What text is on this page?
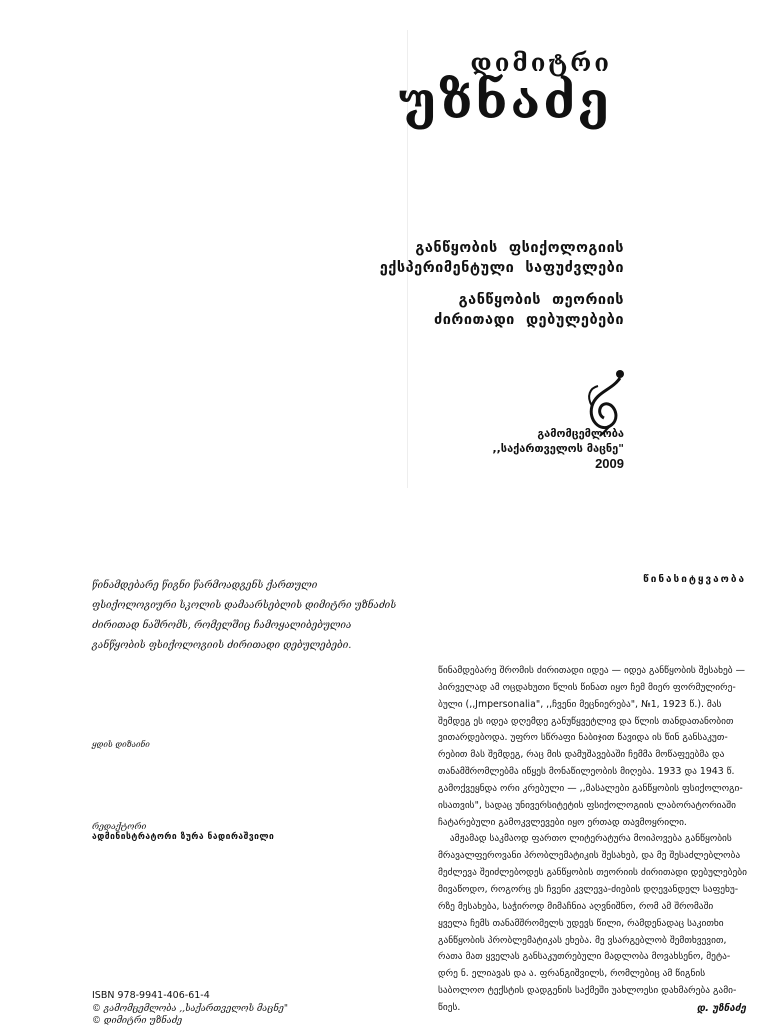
დიმიტრი
უზნაძე
განწყობის  ფსიქოლოგიის
ექსპერიმენტული  საფუძვლები
განწყობის  თეორიის
ძირითადი  დებულებები
გამომცემლობა
,,საქართველოს მაცნე"
2009
წინამდებარე წიგნი წარმოადგენს ქართული
ფსიქოლოგიური სკოლის დამაარსებლის დიმიტრი უზნაძის
ძირითად ნაშრომს, რომელშიც ჩამოყალიბებულია
განწყობის ფსიქოლოგიის ძირითადი დებულებები.
ყდის დიზაინი
რედაქტორი
ადმინისტრატორი ზურა ნადირაშვილი
ISBN 978-9941-406-61-4
© გამომცემლობა ,,საქართველოს მაცნე"
© დიმიტრი უზნაძე
წინასიტყვაობა
წინამდებარე შრომის ძირითადი იდეა — იდეა განწყობის შესახებ —
პირველად ამ ოცდახუთი წლის წინათ იყო ჩემ მიერ ფორმულირე-
ბული (,,Jmpersonalia", ,,ჩვენი მეცნიერება", №1, 1923 წ.). მას
შემდეგ ეს იდეა დღემდე განუწყვეტლივ და წლის თანდათანობით
ვითარდებოდა. უფრო სწრაფი ნაბიჯით წავიდა ის წინ განსაკუთ-
რებით მას შემდეგ, რაც მის დამუშავებაში ჩემმა მოწაფეებმა და
თანამშრომლებმა იწყეს მონაწილეობის მიღება. 1933 და 1943 წ.
გამოქვეყნდა ორი კრებული — ,,მასალები განწყობის ფსიქოლოგი-
ისათვის", სადაც უნივერსიტეტის ფსიქოლოგიის ლაბორატორიაში
ჩატარებული გამოკვლევები იყო ერთად თავმოყრილი.
ამჟამად საკმაოდ ფართო ლიტერატურა მოიპოვება განწყობის
მრავალფეროვანი პრობლემატიკის შესახებ, და მე შესაძლებლობა
მეძლევა შეიძლებოდეს განწყობის თეორიის ძირითადი დებულებები
მივაწოდო, როგორც ეს ჩვენი კვლევა-ძიების დღევანდელ საფეხუ-
რზე მესახება, საჭიროდ მიმაჩნია აღვნიშნო, რომ ამ შრომაში
ყველა ჩემს თანამშრომელს უდევს წილი, რამდენადაც საკითხი
განწყობის პრობლემატიკას ეხება. მე ვსარგებლობ შემთხვევით,
რათა მათ ყველას განსაკუთრებული მადლობა მოვახსენო, მეტა-
დრე ნ. ელიავას და ა. ფრანგიშვილს, რომლებიც ამ წიგნის
საბოლოო ტექსტის დადგენის საქმეში უახლოესი დახმარება გამი-
წიეს.	დ. უზნაძე
